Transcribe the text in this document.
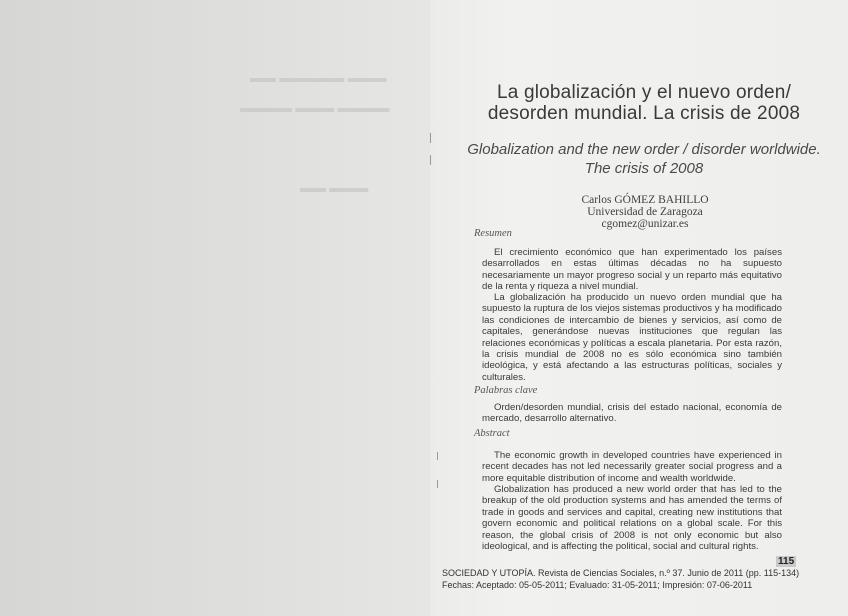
▬▬▬ ▬▬▬▬▬ ▬▬
▬▬▬▬ ▬▬▬ ▬▬▬▬
▬▬▬ ▬▬
La globalización y el nuevo orden/ desorden mundial. La crisis de 2008
Globalization and the new order / disorder worldwide. The crisis of 2008
Carlos GÓMEZ BAHILLO
Universidad de Zaragoza
cgomez@unizar.es
Resumen
El crecimiento económico que han experimentado los países desarrollados en estas últimas décadas no ha supuesto necesariamente un mayor progreso social y un reparto más equitativo de la renta y riqueza a nivel mundial.
La globalización ha producido un nuevo orden mundial que ha supuesto la ruptura de los viejos sistemas productivos y ha modificado las condiciones de intercambio de bienes y servicios, así como de capitales, generándose nuevas instituciones que regulan las relaciones económicas y políticas a escala planetaria. Por esta razón, la crisis mundial de 2008 no es sólo económica sino también ideológica, y está afectando a las estructuras políticas, sociales y culturales.
Palabras clave
Orden/desorden mundial, crisis del estado nacional, economía de mercado, desarrollo alternativo.
Abstract
The economic growth in developed countries have experienced in recent decades has not led necessarily greater social progress and a more equitable distribution of income and wealth worldwide.
Globalization has produced a new world order that has led to the breakup of the old production systems and has amended the terms of trade in goods and services and capital, creating new institutions that govern economic and political relations on a global scale. For this reason, the global crisis of 2008 is not only economic but also ideological, and is affecting the political, social and cultural rights.
SOCIEDAD Y UTOPÍA. Revista de Ciencias Sociales, n.º 37. Junio de 2011 (pp. 115-134)
Fechas: Aceptado: 05-05-2011; Evaluado: 31-05-2011; Impresión: 07-06-2011
115
